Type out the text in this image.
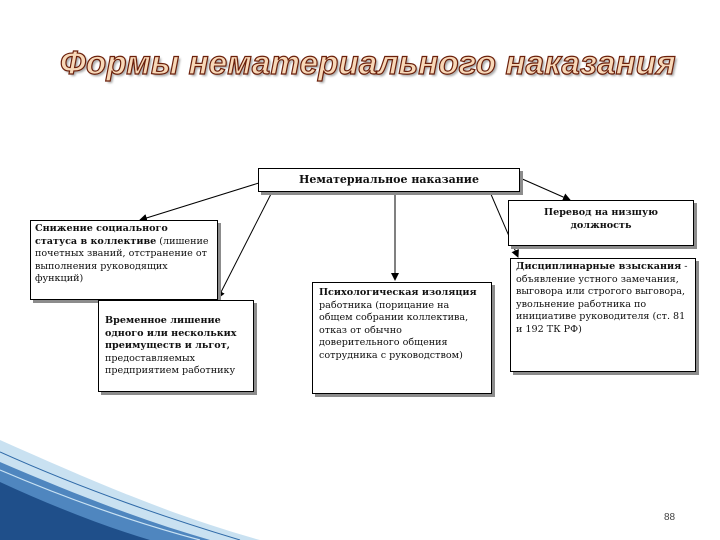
Формы нематериального наказания
Нематериальное наказание
Снижение социального статуса в коллективе (лишение почетных званий, отстранение от выполнения руководящих функций)
Перевод на низшую должность
Временное лишение одного или нескольких преимуществ и льгот, предоставляемых предприятием работнику
Психологическая изоляция работника (порицание на общем собрании коллектива, отказ от обычно доверительного общения сотрудника с руководством)
Дисциплинарные взыскания - объявление устного замечания, выговора или строгого выговора, увольнение работника по инициативе руководителя (ст. 81 и 192 ТК РФ)
88
